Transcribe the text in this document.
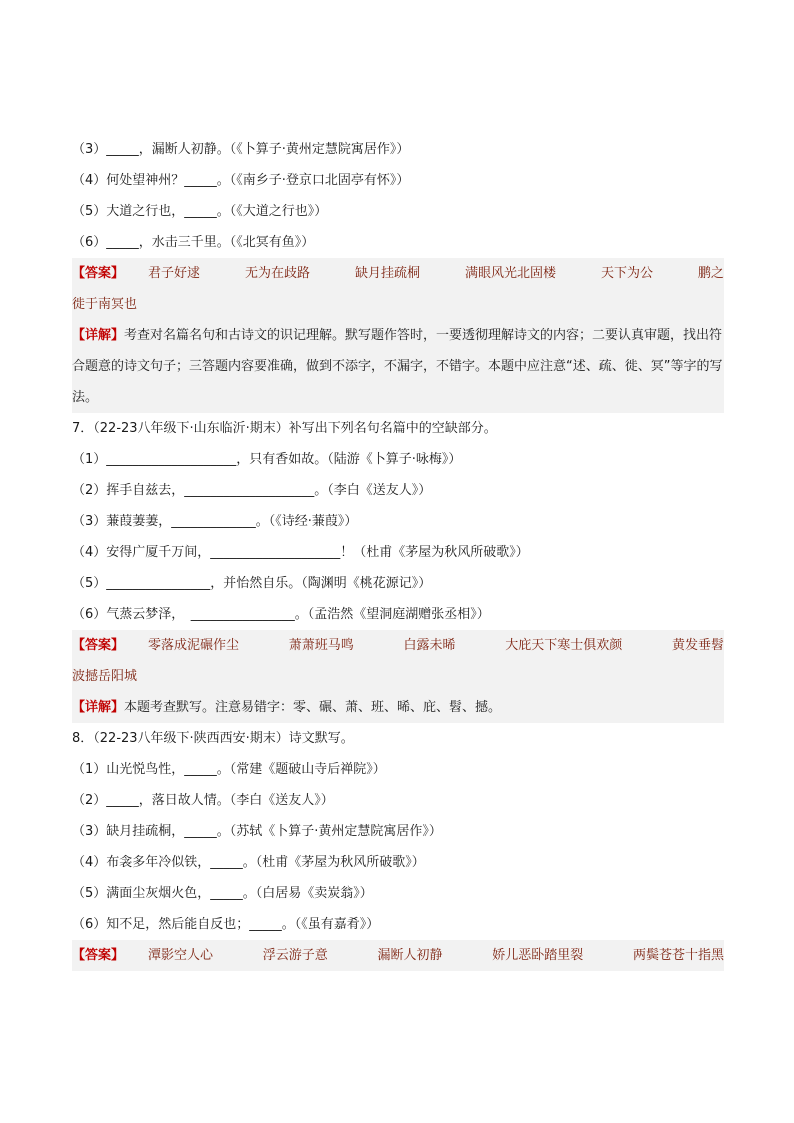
（3）_____，漏断人初静。（《卜算子·黄州定慧院寓居作》）
（4）何处望神州？_____。（《南乡子·登京口北固亭有怀》）
（5）大道之行也，_____。（《大道之行也》）
（6）_____，水击三千里。（《北冥有鱼》）
【答案】	君子好逑	无为在歧路	缺月挂疏桐	满眼风光北固楼	天下为公	鹏之
徙于南冥也
【详解】考查对名篇名句和古诗文的识记理解。默写题作答时，一要透彻理解诗文的内容；二要认真审题，找出符合题意的诗文句子；三答题内容要准确，做到不添字，不漏字，不错字。本题中应注意“述、疏、徙、冥”等字的写法。
7．（22-23八年级下·山东临沂·期末）补写出下列名句名篇中的空缺部分。
（1）____________________，只有香如故。（陆游《卜算子·咏梅》）
（2）挥手自兹去，____________________。（李白《送友人》）
（3）蒹葭萋萋，_____________。（《诗经·蒹葭》）
（4）安得广厦千万间，____________________！（杜甫《茅屋为秋风所破歌》）
（5）________________，并怡然自乐。（陶渊明《桃花源记》）
（6）气蒸云梦泽，　________________。（孟浩然《望洞庭湖赠张丞相》）
【答案】	零落成泥碾作尘	萧萧班马鸣	白露未晞	大庇天下寒士俱欢颜	黄发垂髫
波撼岳阳城
【详解】本题考查默写。注意易错字：零、碾、萧、班、晞、庇、髫、撼。
8．（22-23八年级下·陕西西安·期末）诗文默写。
（1）山光悦鸟性，_____。（常建《题破山寺后禅院》）
（2）_____，落日故人情。（李白《送友人》）
（3）缺月挂疏桐，_____。（苏轼《卜算子·黄州定慧院寓居作》）
（4）布衾多年冷似铁，_____。（杜甫《茅屋为秋风所破歌》）
（5）满面尘灰烟火色，_____。（白居易《卖炭翁》）
（6）知不足，然后能自反也；_____。（《虽有嘉肴》）
【答案】	潭影空人心	浮云游子意	漏断人初静	娇儿恶卧踏里裂	两鬓苍苍十指黑
